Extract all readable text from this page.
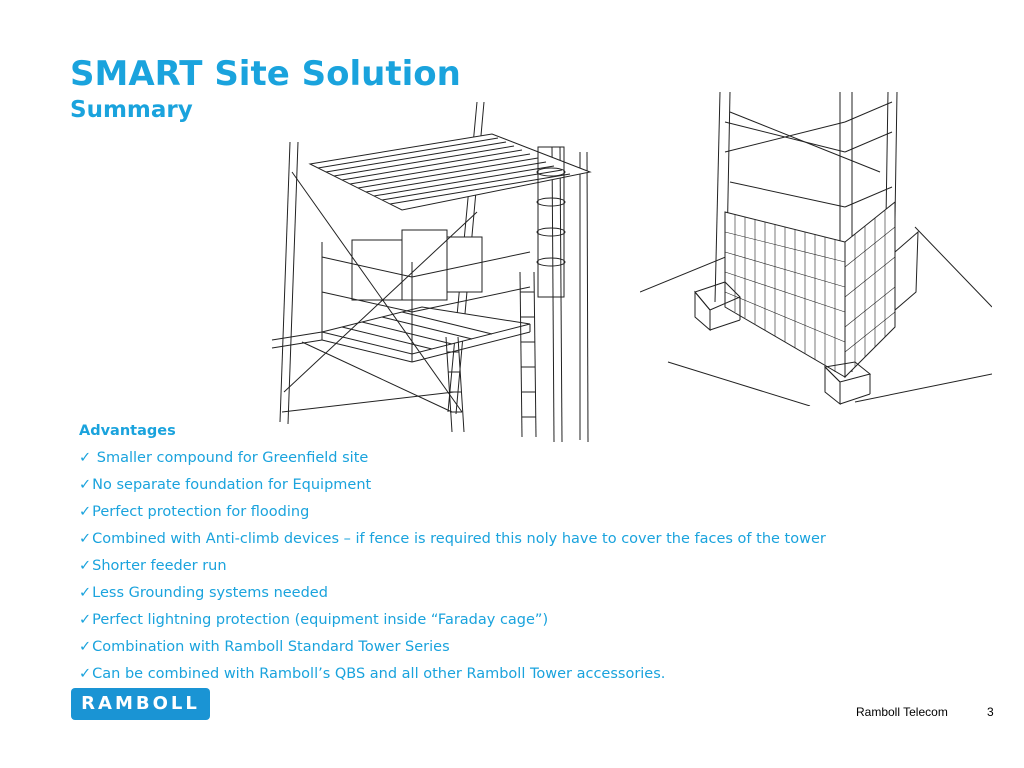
SMART Site Solution
Summary
Advantages
✓ Smaller compound for Greenfield site
✓No separate foundation for Equipment
✓Perfect protection for flooding
✓Combined with Anti-climb devices – if fence is required this noly have to cover the faces of the tower
✓Shorter feeder run
✓Less Grounding systems needed
✓Perfect lightning protection (equipment inside “Faraday cage”)
✓Combination with Ramboll Standard Tower Series
✓Can be combined with Ramboll’s QBS and all other Ramboll Tower accessories.
RAMBOLL	Ramboll Telecom	3
